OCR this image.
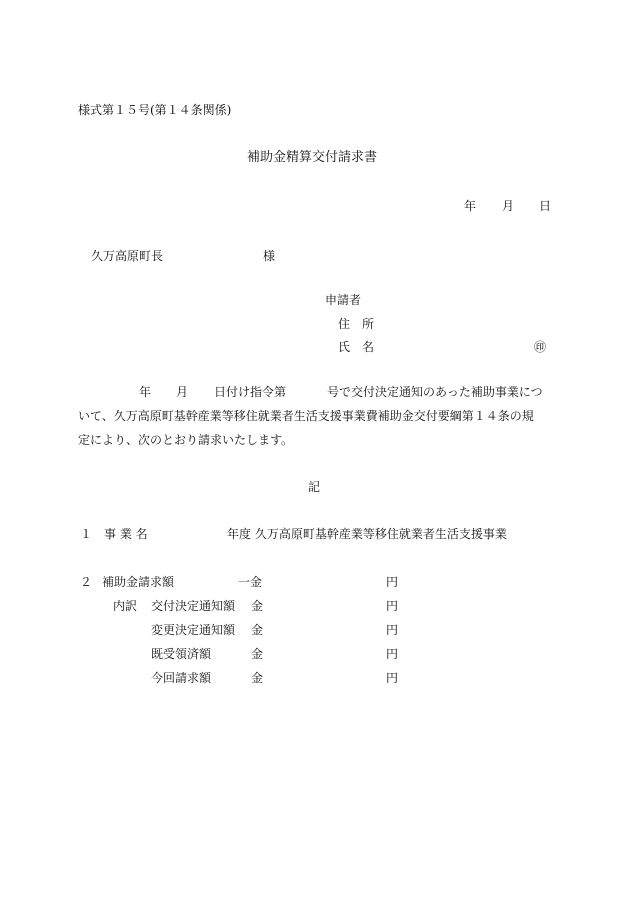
様式第１５号(第１４条関係)
補助金精算交付請求書
年 月 日
久万高原町長	様
申請者
住　所
氏　名	㊞
年 月 日付け指令第	号で交付決定通知のあった補助事業につ
いて、久万高原町基幹産業等移住就業者生活支援事業費補助金交付要綱第１４条の規
定により、次のとおり請求いたします。
記
１ 事 業 名	年度 久万高原町基幹産業等移住就業者生活支援事業
２ 補助金請求額	一金	円
内訳 交付決定通知額 金	円
変更決定通知額 金	円
既受領済額	金	円
今回請求額	金	円
